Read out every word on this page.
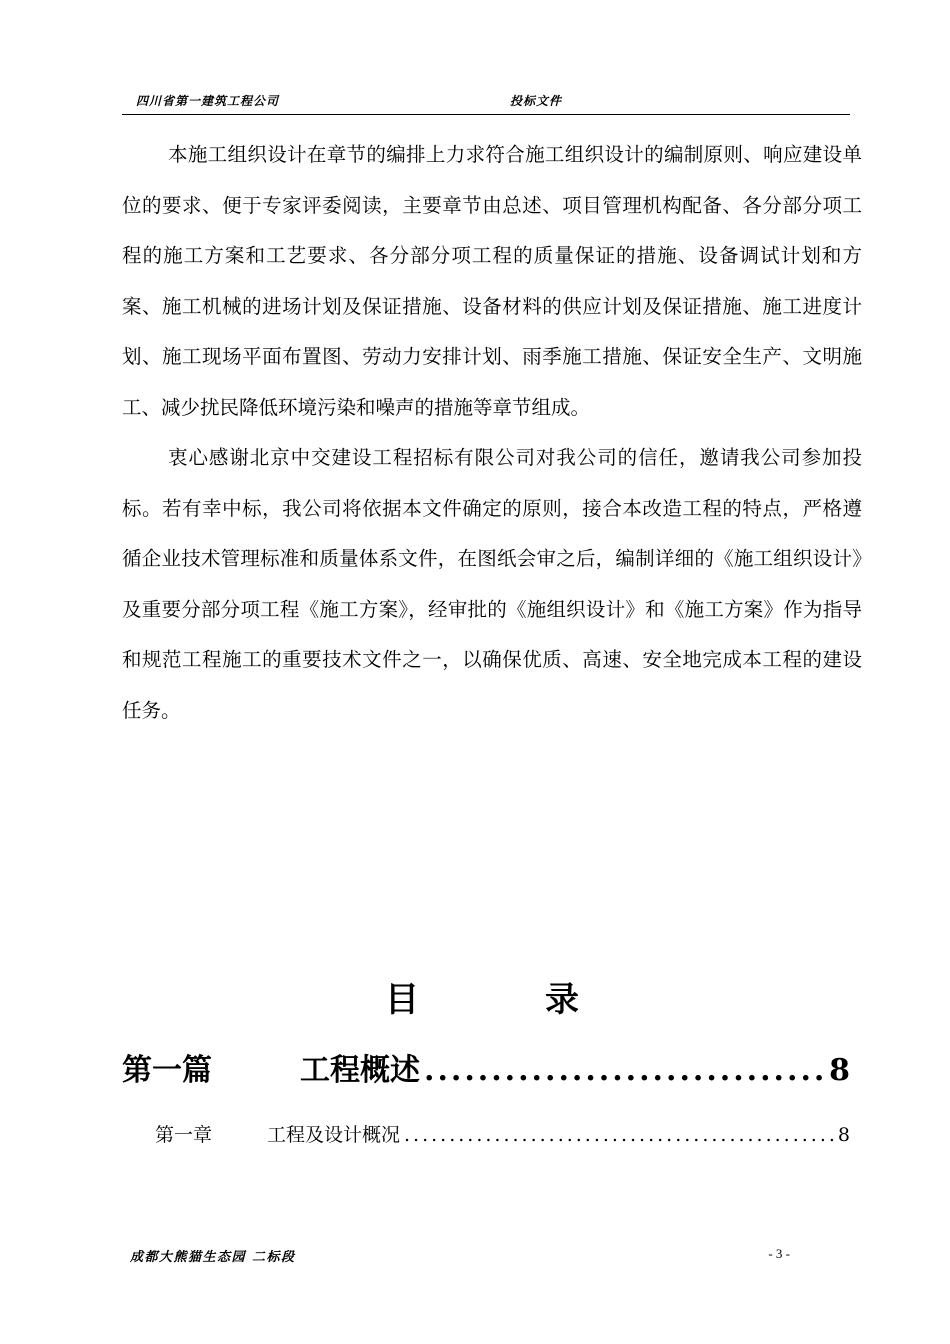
四川省第一建筑工程公司	投标文件

本施工组织设计在章节的编排上力求符合施工组织设计的编制原则、响应建设单位的要求、便于专家评委阅读，主要章节由总述、项目管理机构配备、各分部分项工程的施工方案和工艺要求、各分部分项工程的质量保证的措施、设备调试计划和方案、施工机械的进场计划及保证措施、设备材料的供应计划及保证措施、施工进度计划、施工现场平面布置图、劳动力安排计划、雨季施工措施、保证安全生产、文明施工、减少扰民降低环境污染和噪声的措施等章节组成。

衷心感谢北京中交建设工程招标有限公司对我公司的信任，邀请我公司参加投标。若有幸中标，我公司将依据本文件确定的原则，接合本改造工程的特点，严格遵循企业技术管理标准和质量体系文件，在图纸会审之后，编制详细的《施工组织设计》及重要分部分项工程《施工方案》，经审批的《施组织设计》和《施工方案》作为指导和规范工程施工的重要技术文件之一，以确保优质、高速、安全地完成本工程的建设任务。

目	录
第一篇	工程概述 .....	8
第一章	工程及设计概况 .....	8
成都大熊猫生态园 二标段	- 3 -
